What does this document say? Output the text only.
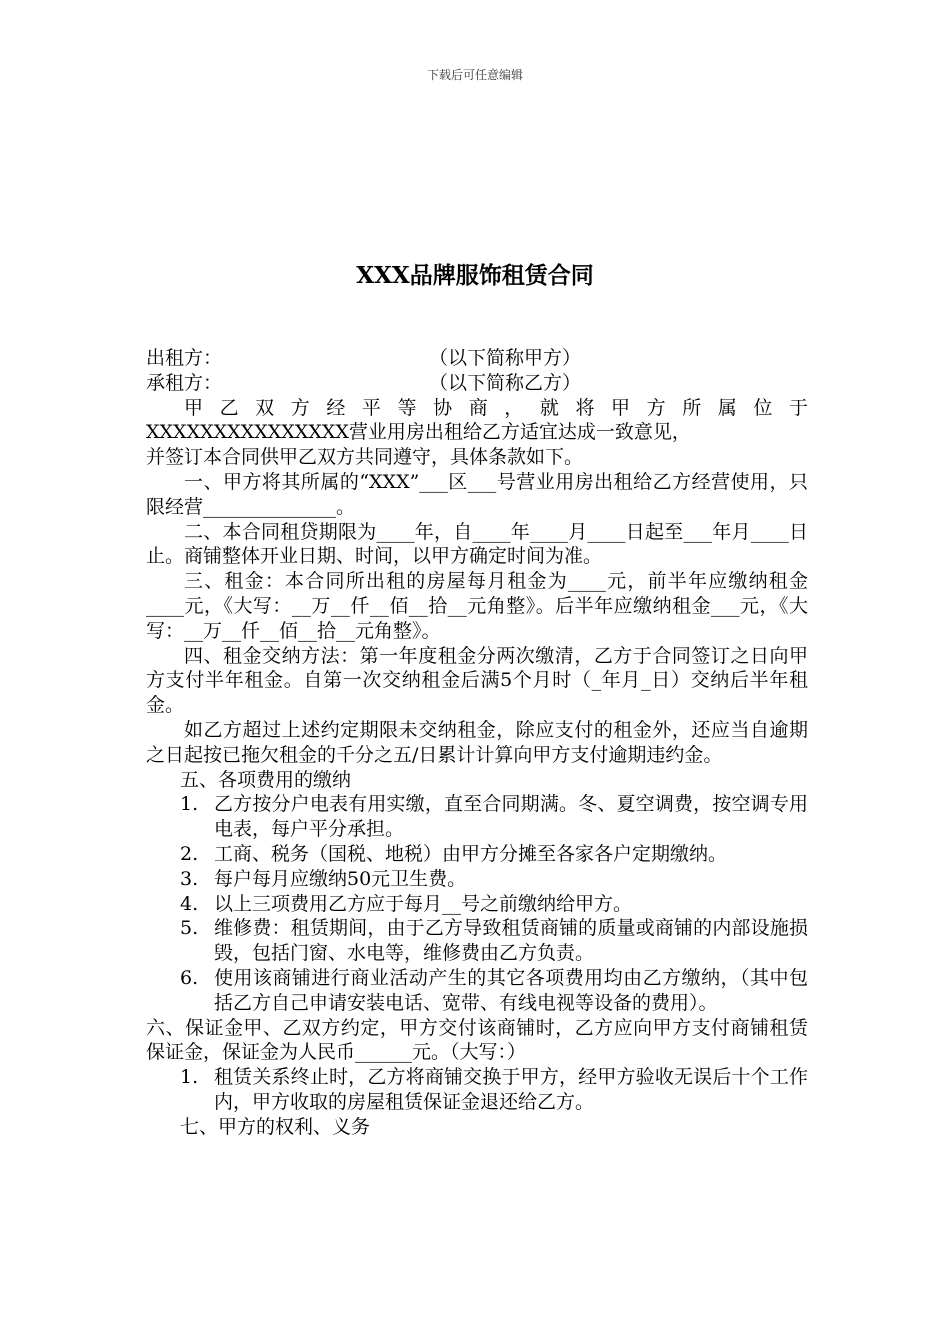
下载后可任意编辑
XXX品牌服饰租赁合同
出租方：	（以下简称甲方）
承租方：	（以下简称乙方）
甲 乙 双 方 经 平 等 协 商 ， 就 将 甲 方 所 属 位 于
XXXXXXXXXXXXXXX营业用房出租给乙方适宜达成一致意见，
并签订本合同供甲乙双方共同遵守，具体条款如下。

一、甲方将其所属的“XXX”___区___号营业用房出租给乙方经营使用，只限经营______________。

二、本合同租贷期限为____年，自____年____月____日起至___年月____日止。商铺整体开业日期、时间，以甲方确定时间为准。

三、租金：本合同所出租的房屋每月租金为____元，前半年应缴纳租金____元，《大写：__万__仟__佰__拾__元角整》。后半年应缴纳租金___元，《大写：__万__仟__佰__拾__元角整》。

四、租金交纳方法：第一年度租金分两次缴清，乙方于合同签订之日向甲方支付半年租金。自第一次交纳租金后满5个月时（_年月_日）交纳后半年租金。

如乙方超过上述约定期限未交纳租金，除应支付的租金外，还应当自逾期之日起按已拖欠租金的千分之五/日累计计算向甲方支付逾期违约金。

五、各项费用的缴纳
1. 乙方按分户电表有用实缴，直至合同期满。冬、夏空调费，按空调专用电表，每户平分承担。
2. 工商、税务（国税、地税）由甲方分摊至各家各户定期缴纳。
3. 每户每月应缴纳50元卫生费。
4. 以上三项费用乙方应于每月__号之前缴纳给甲方。
5. 维修费：租赁期间，由于乙方导致租赁商铺的质量或商铺的内部设施损毁，包括门窗、水电等，维修费由乙方负责。
6. 使用该商铺进行商业活动产生的其它各项费用均由乙方缴纳，（其中包括乙方自己申请安装电话、宽带、有线电视等设备的费用）。

六、保证金甲、乙双方约定，甲方交付该商铺时，乙方应向甲方支付商铺租赁保证金，保证金为人民币______元。（大写：）

1. 租赁关系终止时，乙方将商铺交换于甲方，经甲方验收无误后十个工作内，甲方收取的房屋租赁保证金退还给乙方。
七、甲方的权利、义务
